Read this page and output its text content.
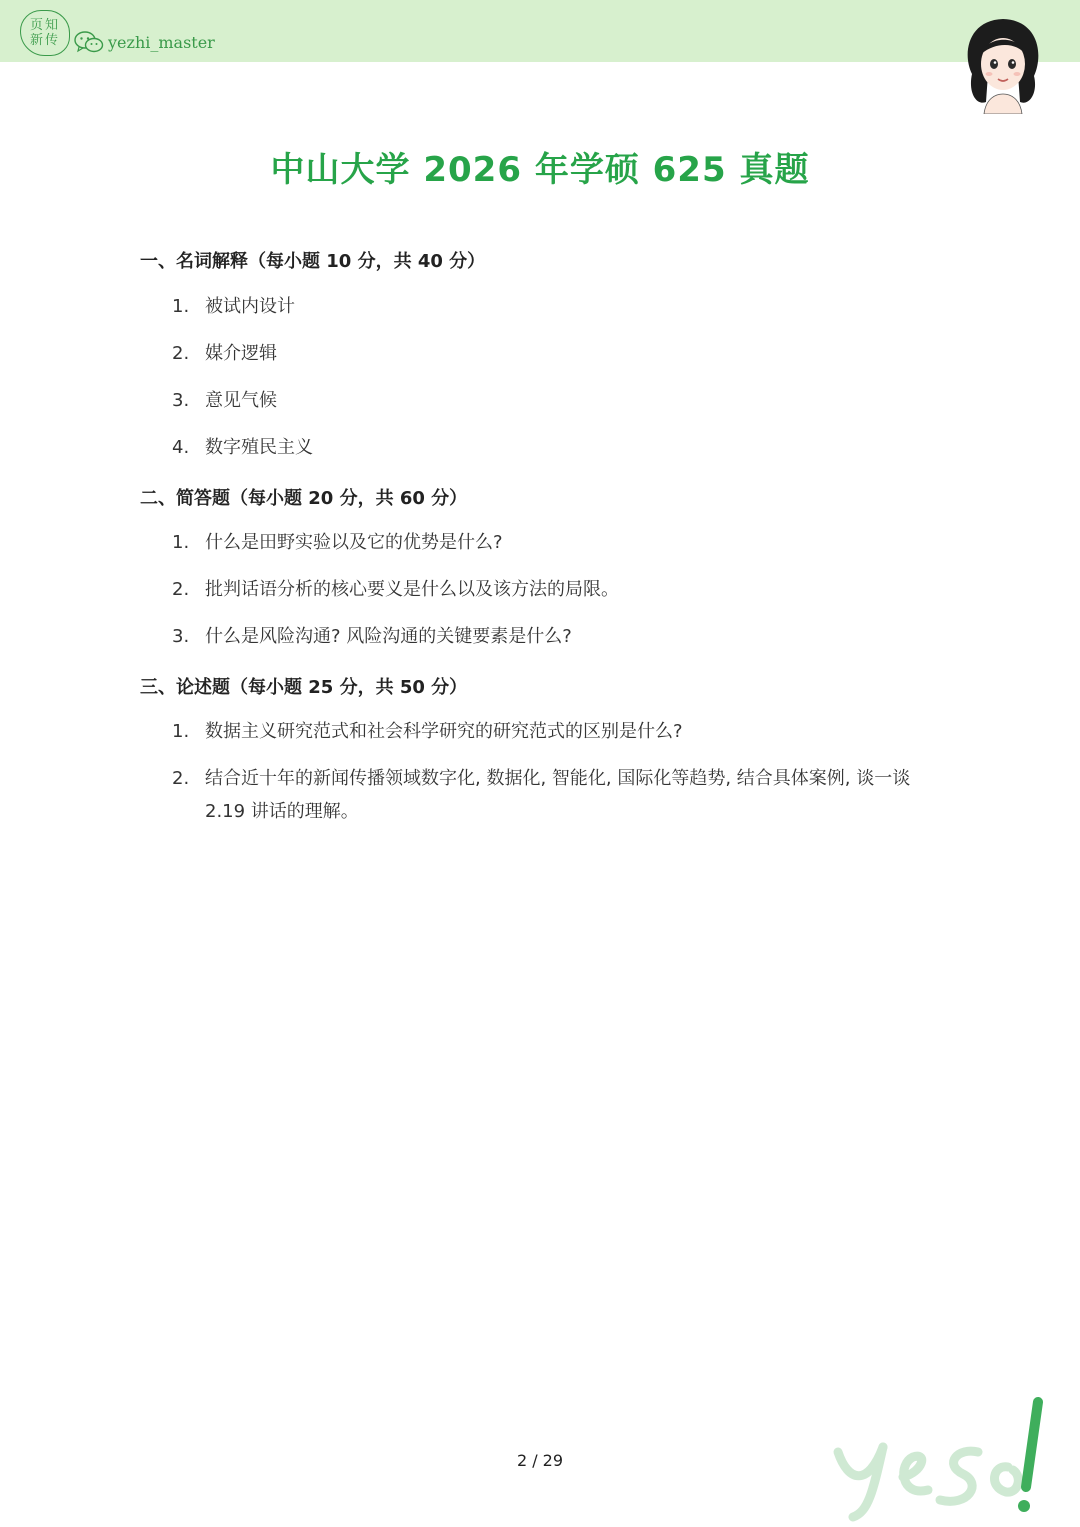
页知
新传	yezhi_master
中山大学 2026 年学硕 625 真题
一、名词解释（每小题 10 分，共 40 分）
1. 被试内设计
2. 媒介逻辑
3. 意见气候
4. 数字殖民主义
二、简答题（每小题 20 分，共 60 分）
1. 什么是田野实验以及它的优势是什么?
2. 批判话语分析的核心要义是什么以及该方法的局限。
3. 什么是风险沟通? 风险沟通的关键要素是什么?
三、论述题（每小题 25 分，共 50 分）
1. 数据主义研究范式和社会科学研究的研究范式的区别是什么?
2. 结合近十年的新闻传播领域数字化, 数据化, 智能化, 国际化等趋势, 结合具体案例, 谈一谈 2.19 讲话的理解。
2 / 29
